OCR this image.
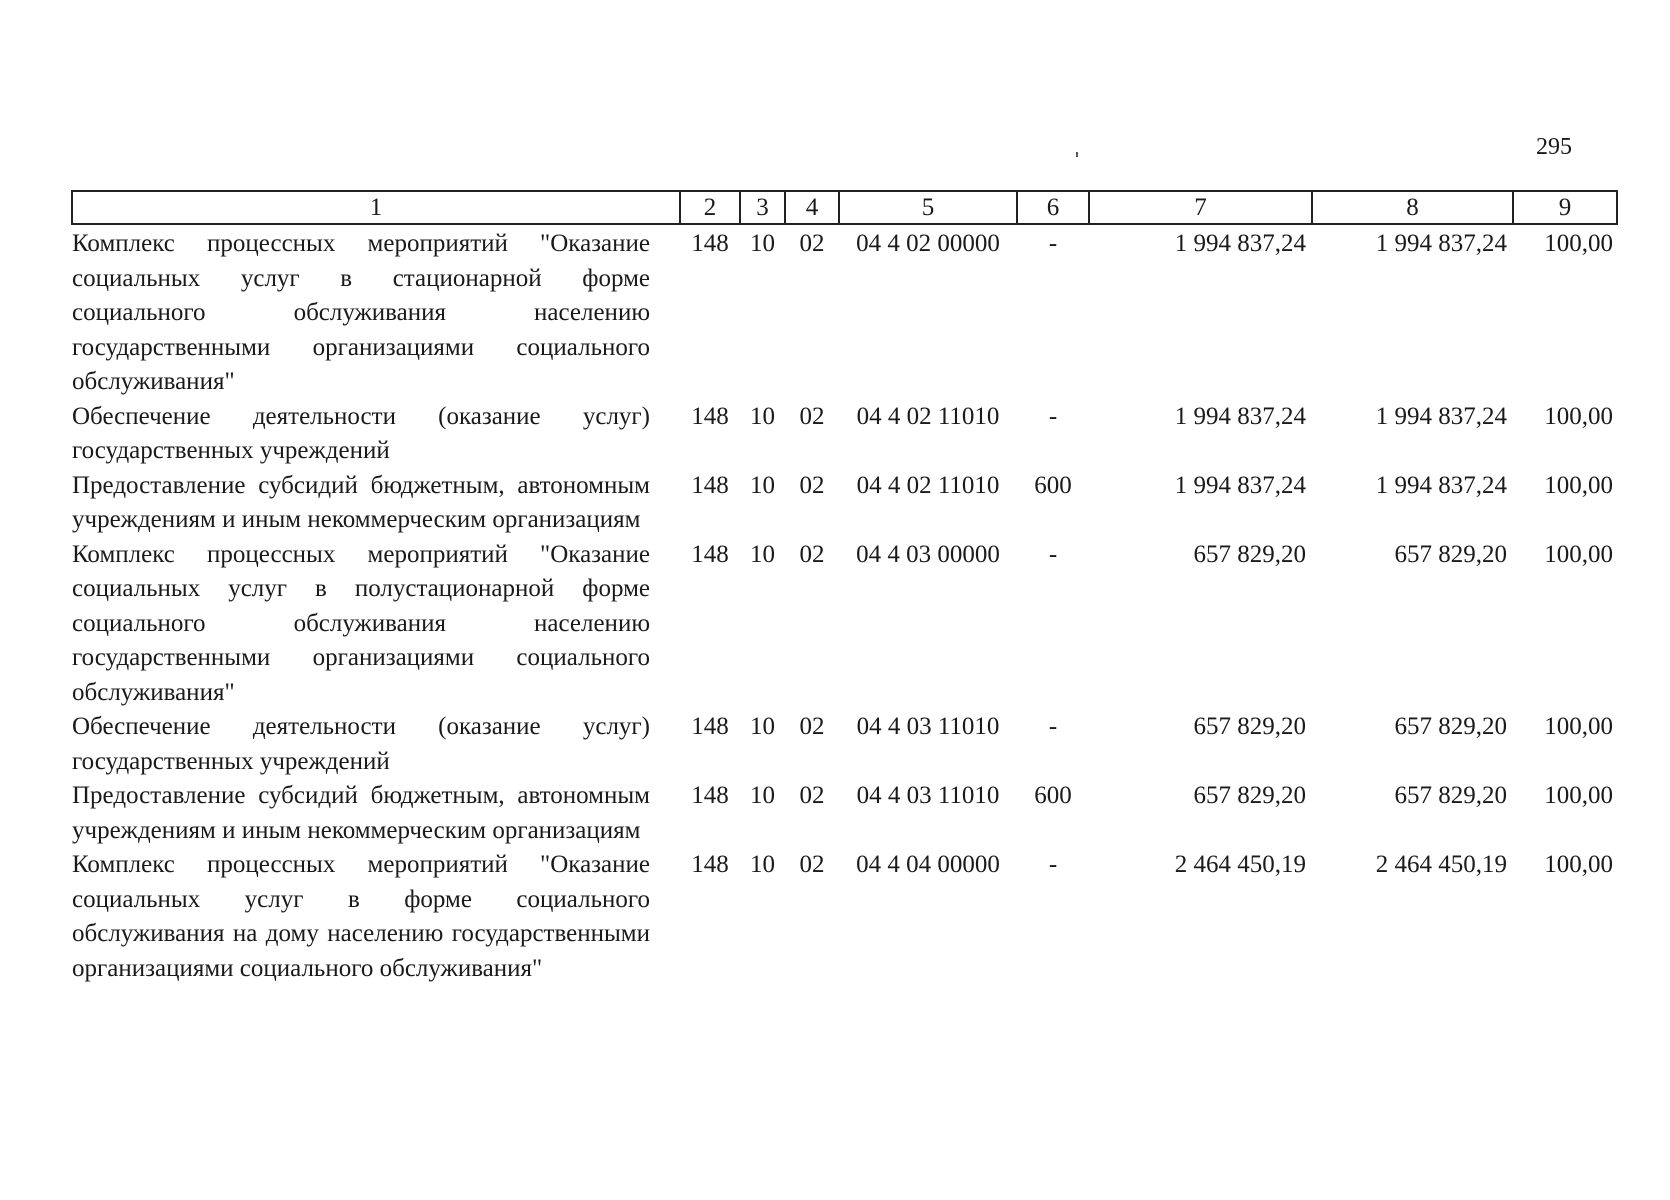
295
1	2	3	4	5	6	7	8	9
Комплекс процессных мероприятий "Оказание социальных услуг в стационарной форме социального обслуживания населению государственными организациями социального обслуживания"	148	10	02	04 4 02 00000	-	1 994 837,24	1 994 837,24	100,00
Обеспечение деятельности (оказание услуг) государственных учреждений	148	10	02	04 4 02 11010	-	1 994 837,24	1 994 837,24	100,00
Предоставление субсидий бюджетным, автономным учреждениям и иным некоммерческим организациям	148	10	02	04 4 02 11010	600	1 994 837,24	1 994 837,24	100,00
Комплекс процессных мероприятий "Оказание социальных услуг в полустационарной форме социального обслуживания населению государственными организациями социального обслуживания"	148	10	02	04 4 03 00000	-	657 829,20	657 829,20	100,00
Обеспечение деятельности (оказание услуг) государственных учреждений	148	10	02	04 4 03 11010	-	657 829,20	657 829,20	100,00
Предоставление субсидий бюджетным, автономным учреждениям и иным некоммерческим организациям	148	10	02	04 4 03 11010	600	657 829,20	657 829,20	100,00
Комплекс процессных мероприятий "Оказание социальных услуг в форме социального обслуживания на дому населению государственными организациями социального обслуживания"	148	10	02	04 4 04 00000	-	2 464 450,19	2 464 450,19	100,00
